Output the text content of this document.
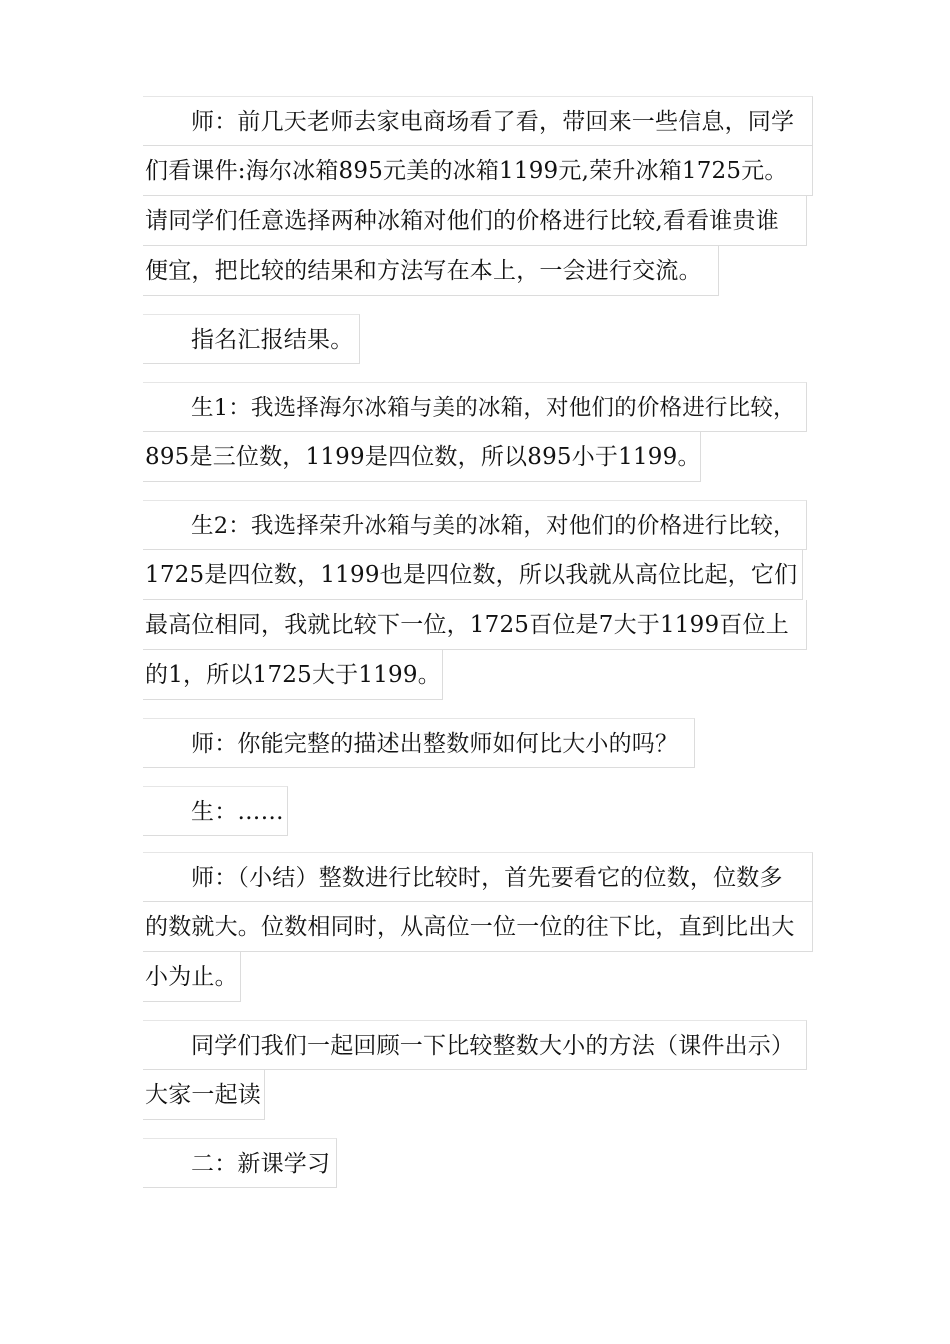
师：前几天老师去家电商场看了看，带回来一些信息，同学
们看课件:海尔冰箱895元美的冰箱1199元,荣升冰箱1725元。
请同学们任意选择两种冰箱对他们的价格进行比较,看看谁贵谁
便宜，把比较的结果和方法写在本上，一会进行交流。
指名汇报结果。
生1：我选择海尔冰箱与美的冰箱，对他们的价格进行比较，
895是三位数，1199是四位数，所以895小于1199。
生2：我选择荣升冰箱与美的冰箱，对他们的价格进行比较，
1725是四位数，1199也是四位数，所以我就从高位比起，它们
最高位相同，我就比较下一位，1725百位是7大于1199百位上
的1，所以1725大于1199。
师：你能完整的描述出整数师如何比大小的吗？
生：……
师：（小结）整数进行比较时，首先要看它的位数，位数多
的数就大。位数相同时，从高位一位一位的往下比，直到比出大
小为止。
同学们我们一起回顾一下比较整数大小的方法（课件出示）
大家一起读
二：新课学习
